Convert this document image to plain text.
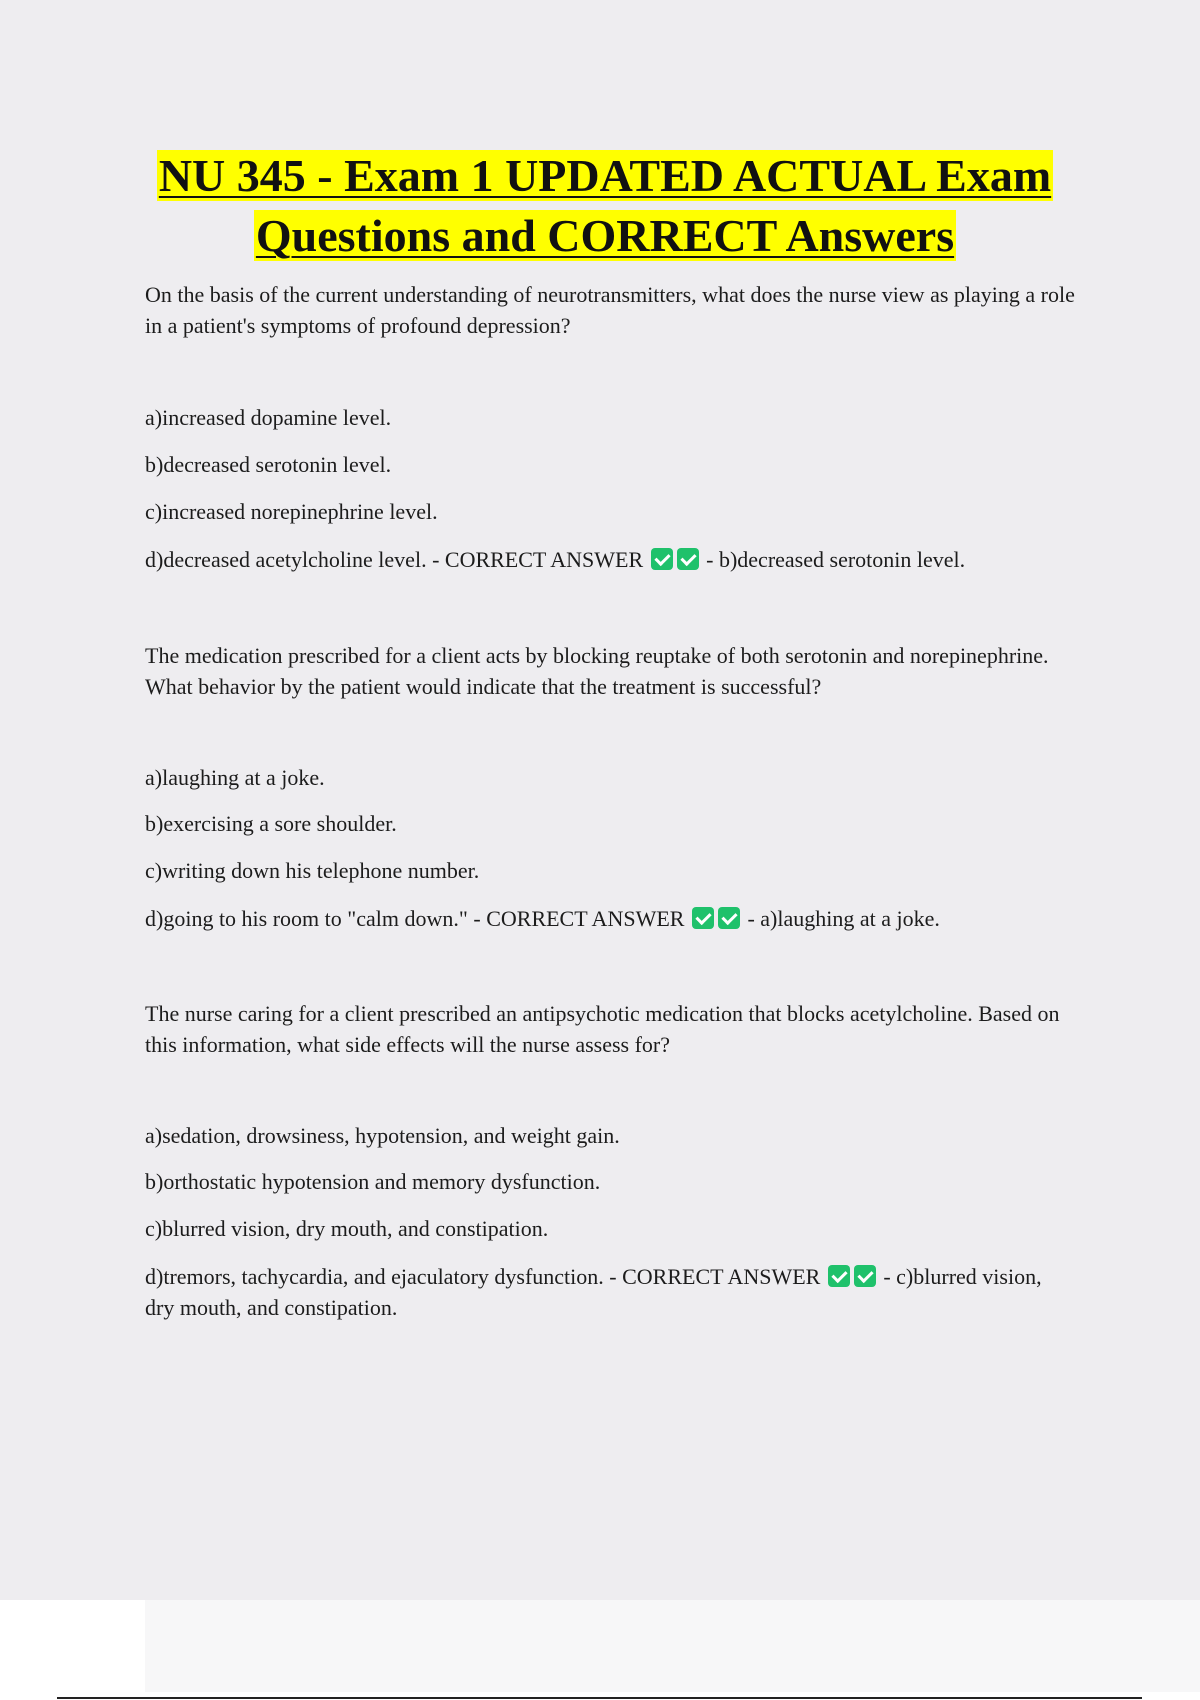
NU 345 - Exam 1 UPDATED ACTUAL Exam
Questions and CORRECT Answers
On the basis of the current understanding of neurotransmitters, what does the nurse view as playing a role in a patient's symptoms of profound depression?
a)increased dopamine level.
b)decreased serotonin level.
c)increased norepinephrine level.
d)decreased acetylcholine level. - CORRECT ANSWER	- b)decreased serotonin level.
The medication prescribed for a client acts by blocking reuptake of both serotonin and norepinephrine. What behavior by the patient would indicate that the treatment is successful?
a)laughing at a joke.
b)exercising a sore shoulder.
c)writing down his telephone number.
d)going to his room to "calm down." - CORRECT ANSWER	- a)laughing at a joke.
The nurse caring for a client prescribed an antipsychotic medication that blocks acetylcholine. Based on this information, what side effects will the nurse assess for?
a)sedation, drowsiness, hypotension, and weight gain.
b)orthostatic hypotension and memory dysfunction.
c)blurred vision, dry mouth, and constipation.
d)tremors, tachycardia, and ejaculatory dysfunction. - CORRECT ANSWER	- c)blurred vision, dry mouth, and constipation.
